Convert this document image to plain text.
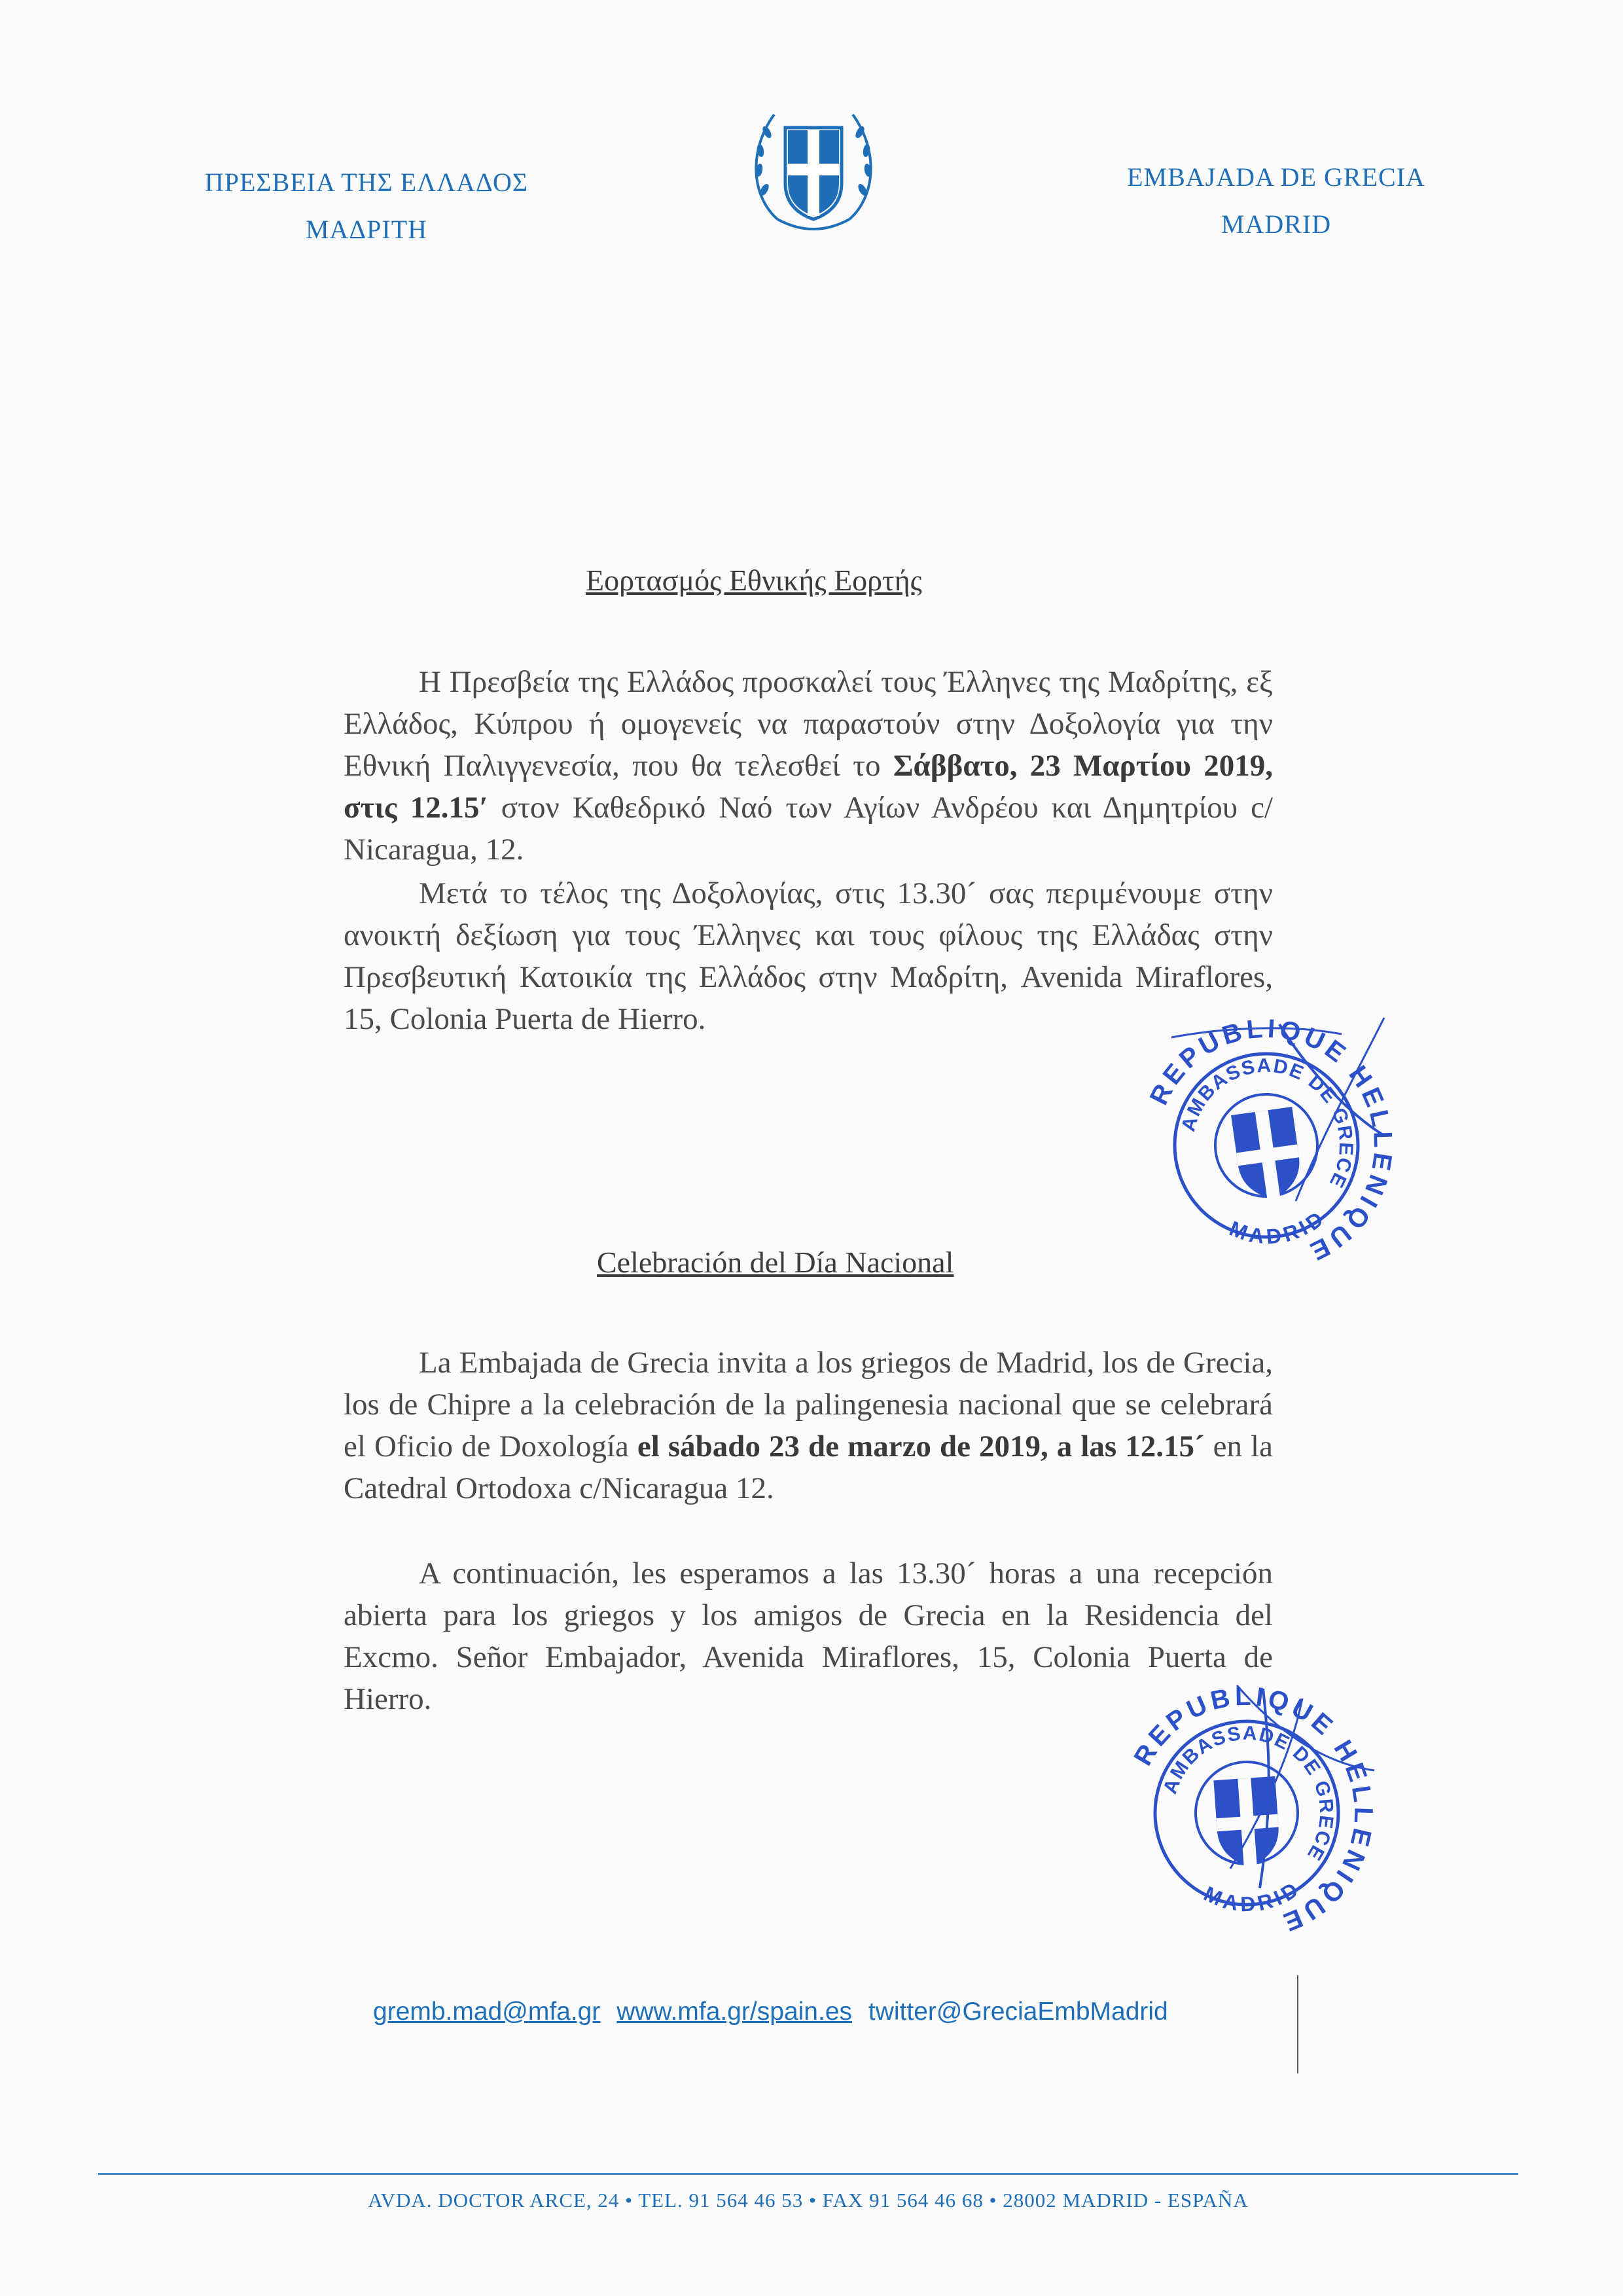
ΠΡΕΣΒΕΙΑ ΤΗΣ ΕΛΛΑΔΟΣ
ΜΑΔΡΙΤΗ
EMBAJADA DE GRECIA
MADRID
Εορτασμός Εθνικής Εορτής
Η Πρεσβεία της Ελλάδος προσκαλεί τους Έλληνες της Μαδρίτης, εξ Ελλάδος, Κύπρου ή ομογενείς να παραστούν στην Δοξολογία για την Εθνική Παλιγγενεσία, που θα τελεσθεί το Σάββατο, 23 Μαρτίου 2019, στις 12.15′ στον Καθεδρικό Ναό των Αγίων Ανδρέου και Δημητρίου c/ Nicaragua, 12.
Μετά το τέλος της Δοξολογίας, στις 13.30´ σας περιμένουμε στην ανοικτή δεξίωση για τους Έλληνες και τους φίλους της Ελλάδας στην Πρεσβευτική Κατοικία της Ελλάδος στην Μαδρίτη, Avenida Miraflores, 15, Colonia Puerta de Hierro.
REPUBLIQUE HELLENIQUE
AMBASSADE DE GRECE
MADRID
Celebración del Día Nacional
La Embajada de Grecia invita a los griegos de Madrid, los de Grecia, los de Chipre a la celebración de la palingenesia nacional que se celebrará el Oficio de Doxología el sábado 23 de marzo de 2019, a las 12.15´ en la Catedral Ortodoxa c/Nicaragua 12.
A continuación, les esperamos a las 13.30´ horas a una recepción abierta para los griegos y los amigos de Grecia en la Residencia del Excmo. Señor Embajador, Avenida Miraflores, 15, Colonia Puerta de Hierro.
REPUBLIQUE HELLENIQUE
AMBASSADE DE GRECE
MADRID
gremb.mad@mfa.gr www.mfa.gr/spain.es twitter@GreciaEmbMadrid
AVDA. DOCTOR ARCE, 24 • TEL. 91 564 46 53 • FAX 91 564 46 68 • 28002 MADRID - ESPAÑA
